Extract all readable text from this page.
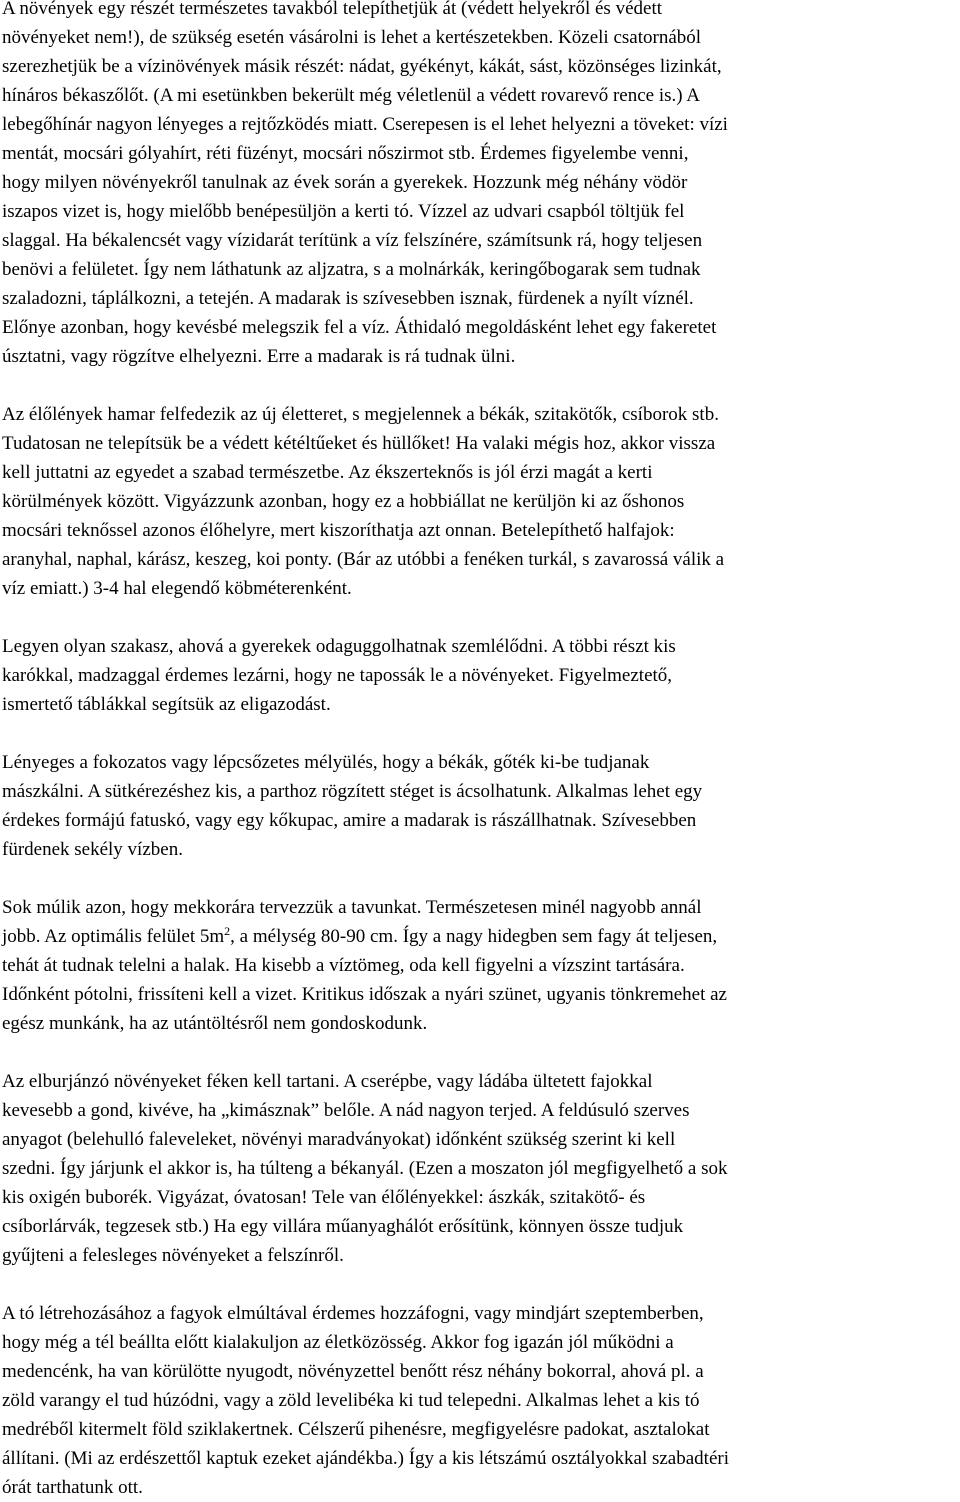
A növények egy részét természetes tavakból telepíthetjük át (védett helyekről és védett
növényeket nem!), de szükség esetén vásárolni is lehet a kertészetekben. Közeli csatornából
szerezhetjük be a vízinövények másik részét: nádat, gyékényt, kákát, sást, közönséges lizinkát,
hínáros békaszőlőt. (A mi esetünkben bekerült még véletlenül a védett rovarevő rence is.) A
lebegőhínár nagyon lényeges a rejtőzködés miatt. Cserepesen is el lehet helyezni a töveket: vízi
mentát, mocsári gólyahírt, réti füzényt, mocsári nőszirmot stb. Érdemes figyelembe venni,
hogy milyen növényekről tanulnak az évek során a gyerekek. Hozzunk még néhány vödör
iszapos vizet is, hogy mielőbb benépesüljön a kerti tó. Vízzel az udvari csapból töltjük fel
slaggal. Ha békalencsét vagy vízidarát terítünk a víz felszínére, számítsunk rá, hogy teljesen
benövi a felületet. Így nem láthatunk az aljzatra, s a molnárkák, keringőbogarak sem tudnak
szaladozni, táplálkozni, a tetején. A madarak is szívesebben isznak, fürdenek a nyílt víznél.
Előnye azonban, hogy kevésbé melegszik fel a víz. Áthidaló megoldásként lehet egy fakeretet
úsztatni, vagy rögzítve elhelyezni. Erre a madarak is rá tudnak ülni.
Az élőlények hamar felfedezik az új életteret, s megjelennek a békák, szitakötők, csíborok stb.
Tudatosan ne telepítsük be a védett kétéltűeket és hüllőket! Ha valaki mégis hoz, akkor vissza
kell juttatni az egyedet a szabad természetbe. Az ékszerteknős is jól érzi magát a kerti
körülmények között. Vigyázzunk azonban, hogy ez a hobbiállat ne kerüljön ki az őshonos
mocsári teknőssel azonos élőhelyre, mert kiszoríthatja azt onnan. Betelepíthető halfajok:
aranyhal, naphal, kárász, keszeg, koi ponty. (Bár az utóbbi a fenéken turkál, s zavarossá válik a
víz emiatt.) 3-4 hal elegendő köbméterenként.
Legyen olyan szakasz, ahová a gyerekek odaguggolhatnak szemlélődni. A többi részt kis
karókkal, madzaggal érdemes lezárni, hogy ne tapossák le a növényeket. Figyelmeztető,
ismertető táblákkal segítsük az eligazodást.
Lényeges a fokozatos vagy lépcsőzetes mélyülés, hogy a békák, gőték ki-be tudjanak
mászkálni. A sütkérezéshez kis, a parthoz rögzített stéget is ácsolhatunk. Alkalmas lehet egy
érdekes formájú fatuskó, vagy egy kőkupac, amire a madarak is rászállhatnak. Szívesebben
fürdenek sekély vízben.
Sok múlik azon, hogy mekkorára tervezzük a tavunkat. Természetesen minél nagyobb annál
jobb. Az optimális felület $5m^2$, a mélység 80-90 cm. Így a nagy hidegben sem fagy át teljesen,
tehát át tudnak telelni a halak. Ha kisebb a víztömeg, oda kell figyelni a vízszint tartására.
Időnként pótolni, frissíteni kell a vizet. Kritikus időszak a nyári szünet, ugyanis tönkremehet az
egész munkánk, ha az utántöltésről nem gondoskodunk.
Az elburjánzó növényeket féken kell tartani. A cserépbe, vagy ládába ültetett fajokkal
kevesebb a gond, kivéve, ha „kimásznak” belőle. A nád nagyon terjed. A feldúsuló szerves
anyagot (belehulló faleveleket, növényi maradványokat) időnként szükség szerint ki kell
szedni. Így járjunk el akkor is, ha túlteng a békanyál. (Ezen a moszaton jól megfigyelhető a sok
kis oxigén buborék. Vigyázat, óvatosan! Tele van élőlényekkel: ászkák, szitakötő- és
csíborlárvák, tegzesek stb.) Ha egy villára műanyaghálót erősítünk, könnyen össze tudjuk
gyűjteni a felesleges növényeket a felszínről.
A tó létrehozásához a fagyok elmúltával érdemes hozzáfogni, vagy mindjárt szeptemberben,
hogy még a tél beállta előtt kialakuljon az életközösség. Akkor fog igazán jól működni a
medencénk, ha van körülötte nyugodt, növényzettel benőtt rész néhány bokorral, ahová pl. a
zöld varangy el tud húzódni, vagy a zöld levelibéka ki tud telepedni. Alkalmas lehet a kis tó
medréből kitermelt föld sziklakertnek. Célszerű pihenésre, megfigyelésre padokat, asztalokat
állítani. (Mi az erdészettől kaptuk ezeket ajándékba.) Így a kis létszámú osztályokkal szabadtéri
órát tarthatunk ott.
